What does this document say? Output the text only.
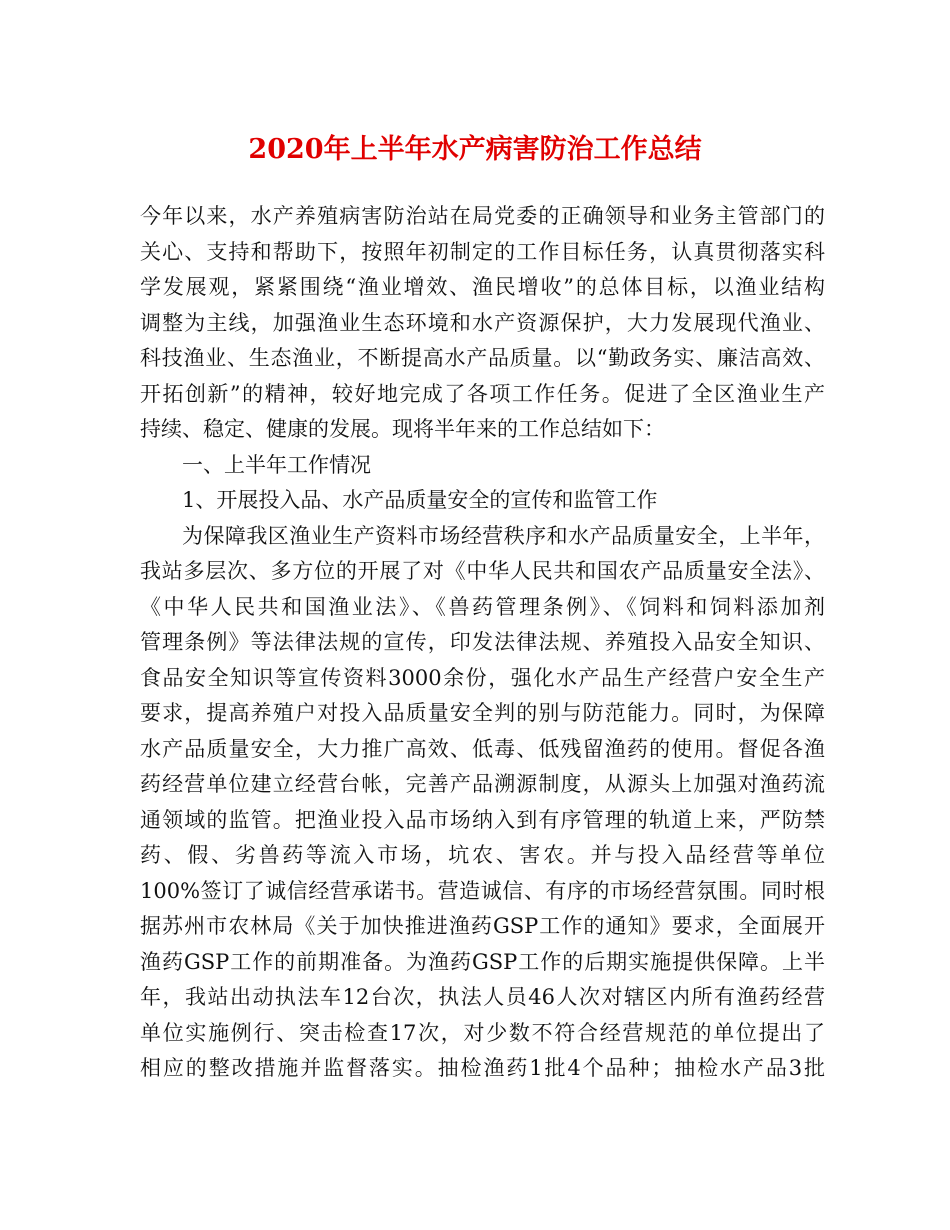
2020年上半年水产病害防治工作总结
今年以来，水产养殖病害防治站在局党委的正确领导和业务主管部门的
关心、支持和帮助下，按照年初制定的工作目标任务，认真贯彻落实科
学发展观，紧紧围绕“渔业增效、渔民增收”的总体目标，以渔业结构
调整为主线，加强渔业生态环境和水产资源保护，大力发展现代渔业、
科技渔业、生态渔业，不断提高水产品质量。以“勤政务实、廉洁高效、
开拓创新”的精神，较好地完成了各项工作任务。促进了全区渔业生产
持续、稳定、健康的发展。现将半年来的工作总结如下：
一、上半年工作情况
1、开展投入品、水产品质量安全的宣传和监管工作
为保障我区渔业生产资料市场经营秩序和水产品质量安全，上半年，
我站多层次、多方位的开展了对《中华人民共和国农产品质量安全法》、
《中华人民共和国渔业法》、《兽药管理条例》、《饲料和饲料添加剂
管理条例》等法律法规的宣传，印发法律法规、养殖投入品安全知识、
食品安全知识等宣传资料3000余份，强化水产品生产经营户安全生产
要求，提高养殖户对投入品质量安全判的别与防范能力。同时，为保障
水产品质量安全，大力推广高效、低毒、低残留渔药的使用。督促各渔
药经营单位建立经营台帐，完善产品溯源制度，从源头上加强对渔药流
通领域的监管。把渔业投入品市场纳入到有序管理的轨道上来，严防禁
药、假、劣兽药等流入市场，坑农、害农。并与投入品经营等单位
100%签订了诚信经营承诺书。营造诚信、有序的市场经营氛围。同时根
据苏州市农林局《关于加快推进渔药GSP工作的通知》要求，全面展开
渔药GSP工作的前期准备。为渔药GSP工作的后期实施提供保障。上半
年，我站出动执法车12台次，执法人员46人次对辖区内所有渔药经营
单位实施例行、突击检查17次，对少数不符合经营规范的单位提出了
相应的整改措施并监督落实。抽检渔药1批4个品种；抽检水产品3批
